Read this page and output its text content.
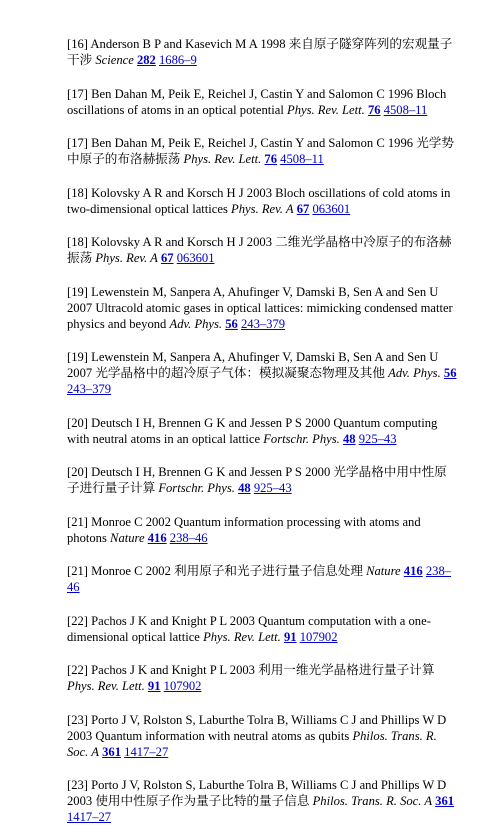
[16] Anderson B P and Kasevich M A 1998 来自原子隧穿阵列的宏观量子干涉 Science 282 1686–9

[17] Ben Dahan M, Peik E, Reichel J, Castin Y and Salomon C 1996 Bloch oscillations of atoms in an optical potential Phys. Rev. Lett. 76 4508–11

[17] Ben Dahan M, Peik E, Reichel J, Castin Y and Salomon C 1996 光学势中原子的布洛赫振荡 Phys. Rev. Lett. 76 4508–11

[18] Kolovsky A R and Korsch H J 2003 Bloch oscillations of cold atoms in two-dimensional optical lattices Phys. Rev. A 67 063601

[18] Kolovsky A R and Korsch H J 2003 二维光学晶格中冷原子的布洛赫振荡 Phys. Rev. A 67 063601

[19] Lewenstein M, Sanpera A, Ahufinger V, Damski B, Sen A and Sen U 2007 Ultracold atomic gases in optical lattices: mimicking condensed matter physics and beyond Adv. Phys. 56 243–379

[19] Lewenstein M, Sanpera A, Ahufinger V, Damski B, Sen A and Sen U 2007 光学晶格中的超冷原子气体：模拟凝聚态物理及其他 Adv. Phys. 56 243–379

[20] Deutsch I H, Brennen G K and Jessen P S 2000 Quantum computing with neutral atoms in an optical lattice Fortschr. Phys. 48 925–43

[20] Deutsch I H, Brennen G K and Jessen P S 2000 光学晶格中用中性原子进行量子计算 Fortschr. Phys. 48 925–43

[21] Monroe C 2002 Quantum information processing with atoms and photons Nature 416 238–46

[21] Monroe C 2002 利用原子和光子进行量子信息处理 Nature 416 238–46

[22] Pachos J K and Knight P L 2003 Quantum computation with a one-dimensional optical lattice Phys. Rev. Lett. 91 107902

[22] Pachos J K and Knight P L 2003 利用一维光学晶格进行量子计算 Phys. Rev. Lett. 91 107902

[23] Porto J V, Rolston S, Laburthe Tolra B, Williams C J and Phillips W D 2003 Quantum information with neutral atoms as qubits Philos. Trans. R. Soc. A 361 1417–27

[23] Porto J V, Rolston S, Laburthe Tolra B, Williams C J and Phillips W D 2003 使用中性原子作为量子比特的量子信息 Philos. Trans. R. Soc. A 361 1417–27
